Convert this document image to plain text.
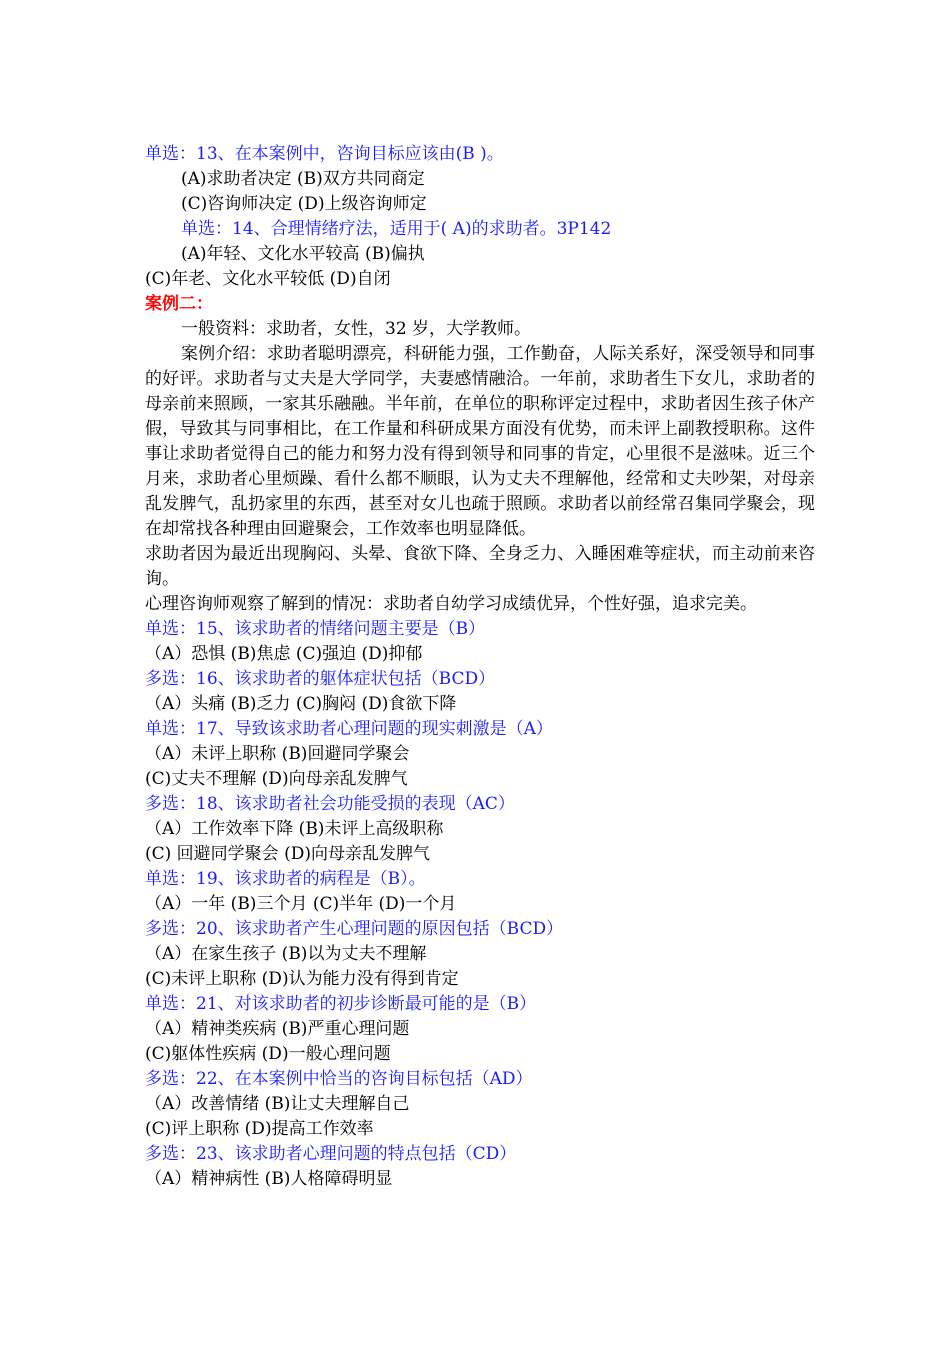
单选：13、在本案例中，咨询目标应该由(B )。
(A)求助者决定 (B)双方共同商定
(C)咨询师决定 (D)上级咨询师定
单选：14、合理情绪疗法，适用于( A)的求助者。3P142
(A)年轻、文化水平较高 (B)偏执
(C)年老、文化水平较低 (D)自闭
案例二：
一般资料：求助者，女性，32 岁，大学教师。
案例介绍：求助者聪明漂亮，科研能力强，工作勤奋，人际关系好，深受领导和同事的好评。求助者与丈夫是大学同学，夫妻感情融洽。一年前，求助者生下女儿，求助者的母亲前来照顾，一家其乐融融。半年前，在单位的职称评定过程中，求助者因生孩子休产假，导致其与同事相比，在工作量和科研成果方面没有优势，而未评上副教授职称。这件事让求助者觉得自己的能力和努力没有得到领导和同事的肯定，心里很不是滋味。近三个月来，求助者心里烦躁、看什么都不顺眼，认为丈夫不理解他，经常和丈夫吵架，对母亲乱发脾气，乱扔家里的东西，甚至对女儿也疏于照顾。求助者以前经常召集同学聚会，现在却常找各种理由回避聚会，工作效率也明显降低。
求助者因为最近出现胸闷、头晕、食欲下降、全身乏力、入睡困难等症状，而主动前来咨询。
心理咨询师观察了解到的情况：求助者自幼学习成绩优异，个性好强，追求完美。
单选：15、该求助者的情绪问题主要是（B）
（A）恐惧 (B)焦虑 (C)强迫 (D)抑郁
多选：16、该求助者的躯体症状包括（BCD）
（A）头痛 (B)乏力 (C)胸闷 (D)食欲下降
单选：17、导致该求助者心理问题的现实刺激是（A）
（A）未评上职称 (B)回避同学聚会
(C)丈夫不理解 (D)向母亲乱发脾气
多选：18、该求助者社会功能受损的表现（AC）
（A）工作效率下降 (B)未评上高级职称
(C) 回避同学聚会 (D)向母亲乱发脾气
单选：19、该求助者的病程是（B）。
（A）一年 (B)三个月 (C)半年 (D)一个月
多选：20、该求助者产生心理问题的原因包括（BCD）
（A）在家生孩子 (B)以为丈夫不理解
(C)未评上职称 (D)认为能力没有得到肯定
单选：21、对该求助者的初步诊断最可能的是（B）
（A）精神类疾病 (B)严重心理问题
(C)躯体性疾病 (D)一般心理问题
多选：22、在本案例中恰当的咨询目标包括（AD）
（A）改善情绪 (B)让丈夫理解自己
(C)评上职称 (D)提高工作效率
多选：23、该求助者心理问题的特点包括（CD）
（A）精神病性 (B)人格障碍明显
